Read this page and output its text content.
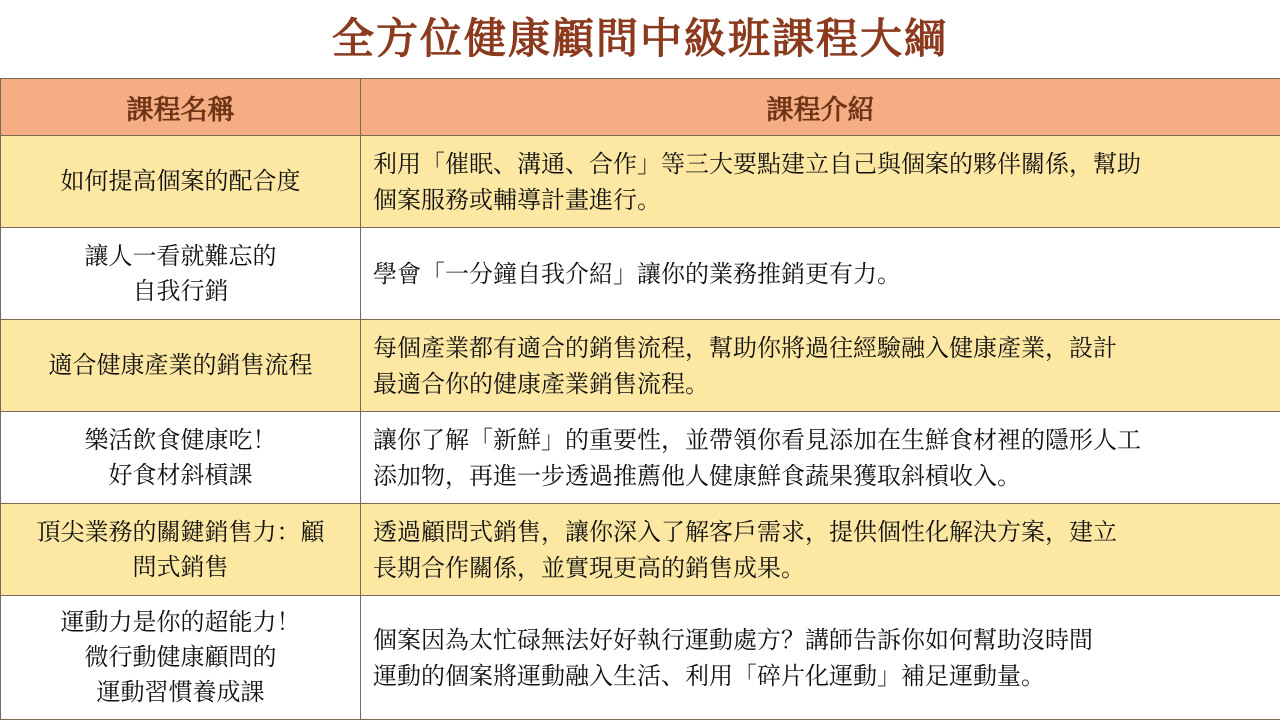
全方位健康顧問中級班課程大綱
課程名稱	課程介紹

如何提高個案的配合度	利用「催眠、溝通、合作」等三大要點建立自己與個案的夥伴關係，幫助
個案服務或輔導計畫進行。

讓人一看就難忘的
自我行銷	學會「一分鐘自我介紹」讓你的業務推銷更有力。

適合健康產業的銷售流程	每個產業都有適合的銷售流程，幫助你將過往經驗融入健康產業，設計
最適合你的健康產業銷售流程。

樂活飲食健康吃！
好食材斜槓課	讓你了解「新鮮」的重要性，並帶領你看見添加在生鮮食材裡的隱形人工
添加物，再進一步透過推薦他人健康鮮食蔬果獲取斜槓收入。

頂尖業務的關鍵銷售力：顧
問式銷售	透過顧問式銷售，讓你深入了解客戶需求，提供個性化解決方案，建立
長期合作關係，並實現更高的銷售成果。

運動力是你的超能力！
微行動健康顧問的
運動習慣養成課	個案因為太忙碌無法好好執行運動處方？講師告訴你如何幫助沒時間
運動的個案將運動融入生活、利用「碎片化運動」補足運動量。
